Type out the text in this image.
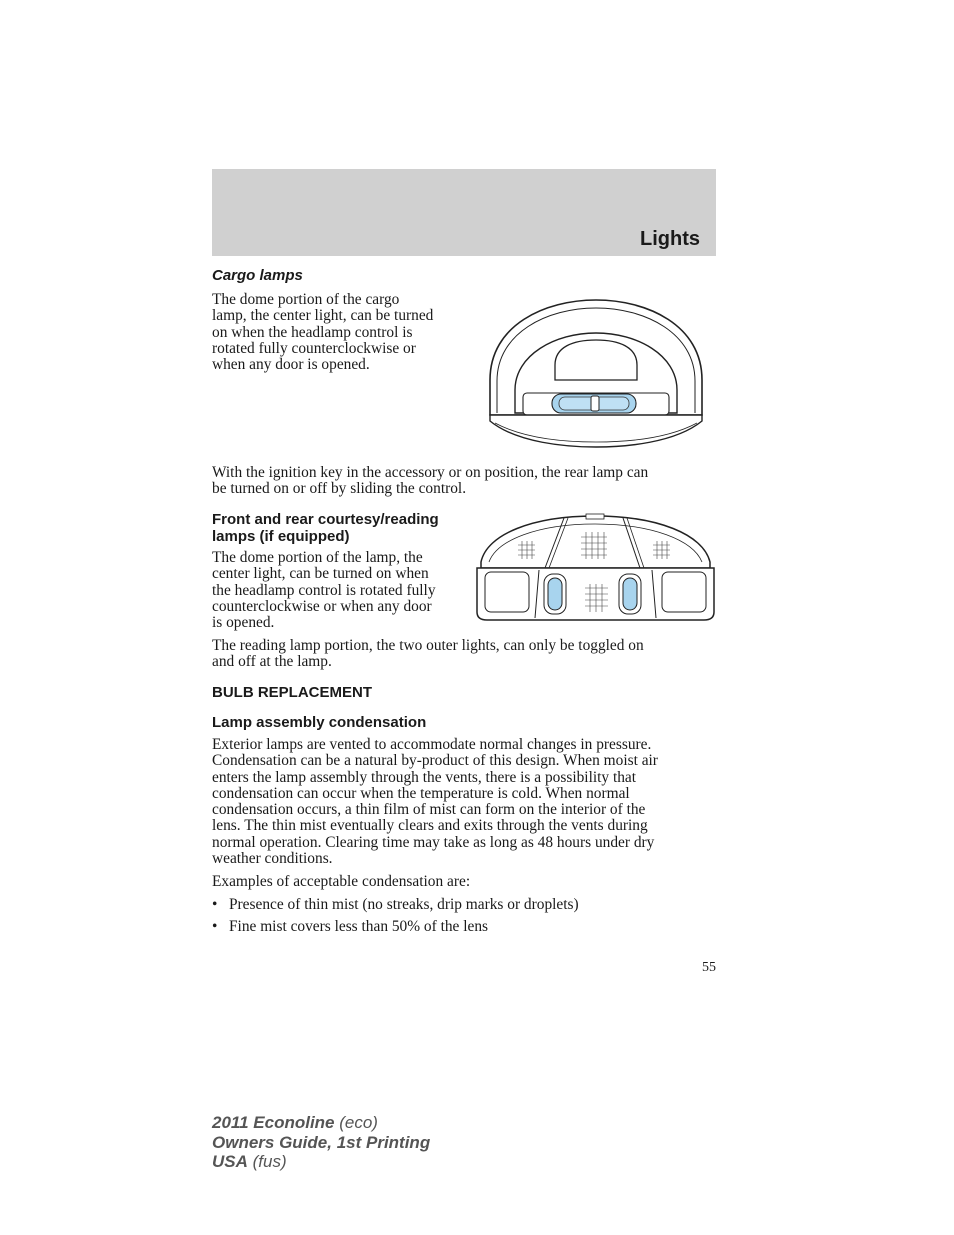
Lights
Cargo lamps
The dome portion of the cargo
lamp, the center light, can be turned
on when the headlamp control is
rotated fully counterclockwise or
when any door is opened.
With the ignition key in the accessory or on position, the rear lamp can
be turned on or off by sliding the control.
Front and rear courtesy/reading
lamps (if equipped)
The dome portion of the lamp, the
center light, can be turned on when
the headlamp control is rotated fully
counterclockwise or when any door
is opened.
The reading lamp portion, the two outer lights, can only be toggled on
and off at the lamp.
BULB REPLACEMENT
Lamp assembly condensation
Exterior lamps are vented to accommodate normal changes in pressure.
Condensation can be a natural by-product of this design. When moist air
enters the lamp assembly through the vents, there is a possibility that
condensation can occur when the temperature is cold. When normal
condensation occurs, a thin film of mist can form on the interior of the
lens. The thin mist eventually clears and exits through the vents during
normal operation. Clearing time may take as long as 48 hours under dry
weather conditions.
Examples of acceptable condensation are:
• Presence of thin mist (no streaks, drip marks or droplets)
• Fine mist covers less than 50% of the lens
55
2011 Econoline (eco)
Owners Guide, 1st Printing
USA (fus)
